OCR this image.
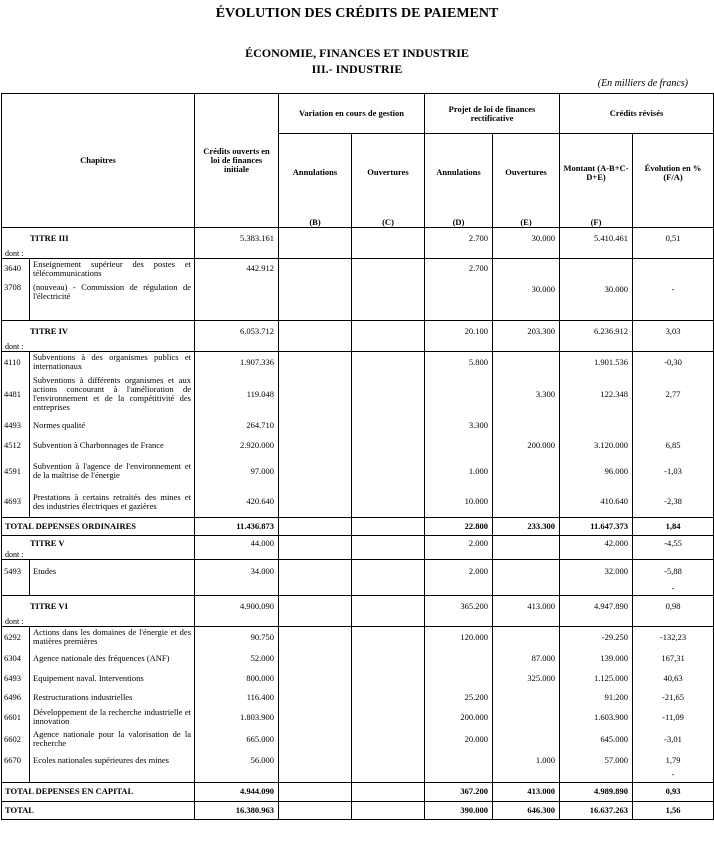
ÉVOLUTION DES CRÉDITS DE PAIEMENT
ÉCONOMIE, FINANCES ET INDUSTRIE
III.- INDUSTRIE
(En milliers de francs)
Chapitres		Crédits ouverts en loi de finances initiale	Variation en cours de gestion		Projet de loi de finances rectificative		Crédits révisés	
			Annulations	Ouvertures	Annulations	Ouvertures	Montant (A-B+C-D+E)	Évolution en % (F/A)
			(B)	(C)	(D)	(E)	(F)	
TITRE III		5.383.161			2.700	30.000	5.410.461	0,51
dont :								
3640	Enseignement supérieur des postes et télécommunications	442.912			2.700			
3708	(nouveau) - Commission de régulation de l'électricité					30.000	30.000	-
TITRE IV		6.053.712			20.100	203.300	6.236.912	3,03
dont :								
4110	Subventions à des organismes publics et internationaux	1.907.336			5.800		1.901.536	-0,30
4481	Subventions à différents organismes et aux actions concourant à l'amélioration de l'environnement et de la compétitivité des entreprises	119.048				3.300	122.348	2,77
4493	Normes qualité	264.710			3.300			
4512	Subvention à Charbonnages de France	2.920.000				200.000	3.120.000	6,85
4591	Subvention à l'agence de l'environnement et de la maîtrise de l'énergie	97.000			1.000		96.000	-1,03
4693	Prestations à certains retraités des mines et des industries électriques et gazières	420.640			10.000		410.640	-2,38
TOTAL DEPENSES ORDINAIRES		11.436.873			22.800	233.300	11.647.373	1,84
TITRE V		44.000			2.000		42.000	-4,55
dont :								
5493	Etudes	34.000			2.000		32.000	-5,88
								-
TITRE VI		4.900.090			365.200	413.000	4.947.890	0,98
dont :								
6292	Actions dans les domaines de l'énergie et des matières premières	90.750			120.000		-29.250	-132,23
6304	Agence nationale des fréquences (ANF)	52.000				87.000	139.000	167,31
6493	Equipement naval. Interventions	800.000				325.000	1.125.000	40,63
6496	Restructurations industrielles	116.400			25.200		91.200	-21,65
6601	Développement de la recherche industrielle et innovation	1.803.900			200.000		1.603.900	-11,09
6602	Agence nationale pour la valorisation de la recherche	665.000			20.000		645.000	-3,01
6670	Ecoles nationales supérieures des mines	56.000				1.000	57.000	1,79
								-
TOTAL DEPENSES EN CAPITAL		4.944.090			367.200	413.000	4.989.890	0,93
TOTAL		16.380.963			390.000	646.300	16.637.263	1,56
